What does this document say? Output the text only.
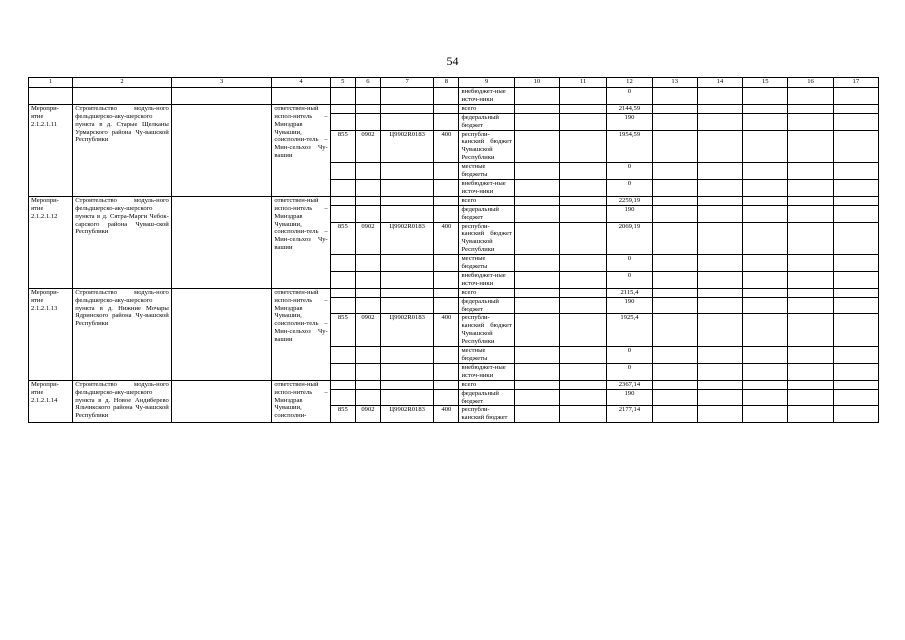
54
1	2	3	4	5	6	7	8	9	10	11	12	13	14	15	16	17
								внебюджет-ные источ-ники			0					
Меропри-ятие 2.1.2.1.11	Строительство модуль-ного фельдшерско-аку-шерского пункта в д. Старые Щелканы Урмарского района Чу-вашской Республики		ответствен-ный испол-нитель – Минздрав Чувашии, соисполни-тель – Мин-сельхоз Чу-вашии					всего			2144,59					
								федеральный бюджет			190					
				855	0902	Ц9902R0183	400	республи-канский бюджет Чувашской Республики			1954,59					
								местные бюджеты			0					
								внебюджет-ные источ-ники			0					
Меропри-ятие 2.1.2.1.12	Строительство модуль-ного фельдшерско-аку-шерского пункта в д. Сятра-Марги Чебок-сарского района Чуваш-ской Республики		ответствен-ный испол-нитель – Минздрав Чувашии, соисполни-тель – Мин-сельхоз Чу-вашии					всего			2259,19					
								федеральный бюджет			190					
				855	0902	Ц9902R0183	400	республи-канский бюджет Чувашской Республики			2069,19					
								местные бюджеты			0					
								внебюджет-ные источ-ники			0					
Меропри-ятие 2.1.2.1.13	Строительство модуль-ного фельдшерско-аку-шерского пункта в д. Нижние Мочары Ядринского района Чу-вашской Республики		ответствен-ный испол-нитель – Минздрав Чувашии, соисполни-тель – Мин-сельхоз Чу-вашии					всего			2115,4					
								федеральный бюджет			190					
				855	0902	Ц9902R0183	400	республи-канский бюджет Чувашской Республики			1925,4					
								местные бюджеты			0					
								внебюджет-ные источ-ники			0					
Меропри-ятие 2.1.2.1.14	Строительство модуль-ного фельдшерско-аку-шерского пункта в д. Новое Андиберево Яльчикского района Чу-вашской Республики		ответствен-ный испол-нитель – Минздрав Чувашии, соисполни-					всего			2367,14					
								федеральный бюджет			190					
				855	0902	Ц9902R0183	400	республи-канский бюджет			2177,14					
